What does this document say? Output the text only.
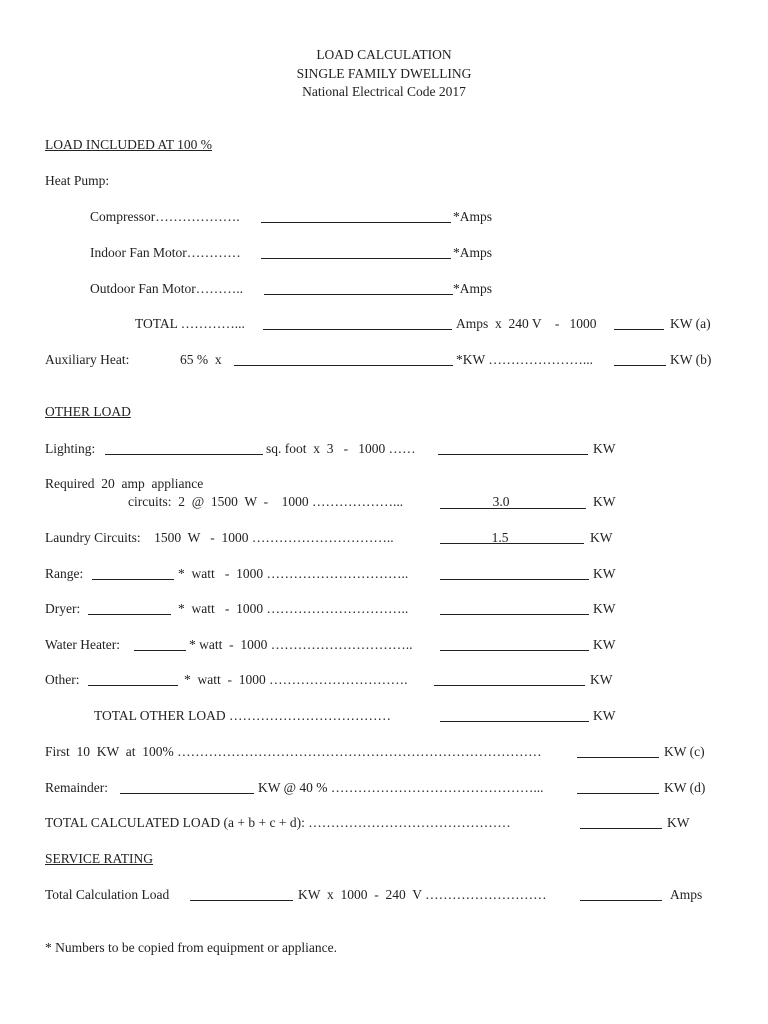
LOAD CALCULATION
SINGLE FAMILY DWELLING
National Electrical Code 2017
LOAD INCLUDED AT 100 %
Heat Pump:
Compressor……………….	*Amps
Indoor Fan Motor…………	*Amps
Outdoor Fan Motor………..	*Amps
TOTAL …………...	Amps  x  240 V    -   1000	KW (a)
Auxiliary Heat:	65 %  x	*KW …………………...	KW (b)
OTHER LOAD
Lighting:	sq. foot  x  3   -   1000 ……	KW
Required  20  amp  appliance
circuits:  2  @  1500  W  -    1000 ………………...	3.0	KW
Laundry Circuits:    1500  W   -  1000 …………………………..	1.5	KW
Range:	*  watt   -  1000 …………………………..	KW
Dryer:	*  watt   -  1000 …………………………..	KW
Water Heater:	* watt  -  1000 …………………………..	KW
Other:	*  watt  -  1000 ………………………….	KW
TOTAL OTHER LOAD ………………………………	KW
First  10  KW  at  100% ………………………………………………………………………	KW (c)
Remainder:	KW @ 40 % ………………………………………...	KW (d)
TOTAL CALCULATED LOAD (a + b + c + d): ………………………………………	KW
SERVICE RATING
Total Calculation Load	KW  x  1000  -  240  V ………………………	Amps
* Numbers to be copied from equipment or appliance.
